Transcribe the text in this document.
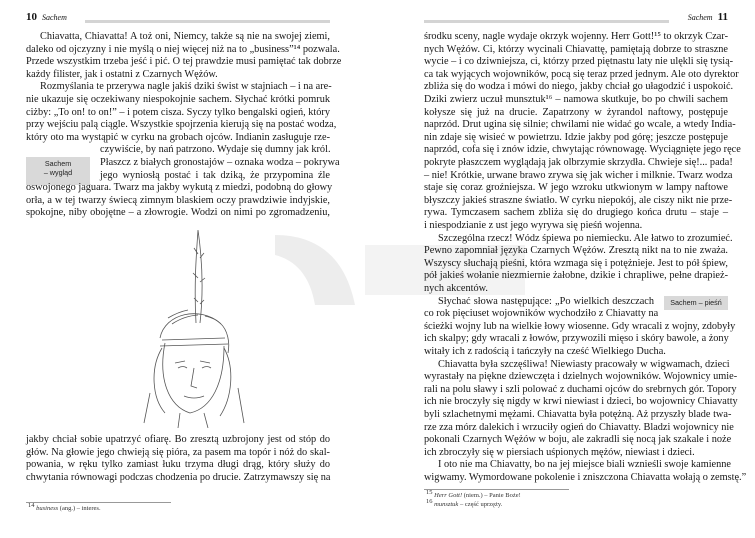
10 Sachem
Chiavatta, Chiavatta! A toż oni, Niemcy, także są nie na swojej ziemi,
daleko od ojczyzny i nie myślą o niej więcej niż na to „business”¹⁴ pozwala.
Przede wszystkim trzeba jeść i pić. O tej prawdzie musi pamiętać tak dobrze
każdy filister, jak i ostatni z Czarnych Wężów.
Rozmyślania te przerywa nagle jakiś dziki świst w stajniach – i na are-
nie ukazuje się oczekiwany niespokojnie sachem. Słychać krótki pomruk
ciżby: „To on! to on!” – i potem cisza. Syczy tylko bengalski ogień, który
przy wejściu palą ciągle. Wszystkie spojrzenia kierują się na postać wodza,
który oto ma wystąpić w cyrku na grobach ojców. Indianin zasługuje rze-
Sachem
– wygląd
czywiście, by nań patrzono. Wydaje się dumny jak król.
Płaszcz z białych gronostajów – oznaka wodza – pokrywa
jego wyniosłą postać i tak dziką, że przypomina źle
oswojonego jaguara. Twarz ma jakby wykutą z miedzi, podobną do głowy
orła, a w tej twarzy świecą zimnym blaskiem oczy prawdziwie indyjskie,
spokojne, niby obojętne – a złowrogie. Wodzi on nimi po zgromadzeniu,
jakby chciał sobie upatrzyć ofiarę. Bo zresztą uzbrojony jest od stóp do
głów. Na głowie jego chwieją się pióra, za pasem ma topór i nóż do skal-
powania, w ręku tylko zamiast łuku trzyma długi drąg, który służy do
chwytania równowagi podczas chodzenia po drucie. Zatrzymawszy się na
$^{14}$ business (ang.) – interes.
Sachem 11
środku sceny, nagle wydaje okrzyk wojenny. Herr Gott!¹⁵ to okrzyk Czar-
nych Wężów. Ci, którzy wycinali Chiavattę, pamiętają dobrze to straszne
wycie – i co dziwniejsza, ci, którzy przed piętnastu laty nie ulękli się tysią-
ca tak wyjących wojowników, pocą się teraz przed jednym. Ale oto dyrektor
zbliża się do wodza i mówi do niego, jakby chciał go ułagodzić i uspokoić.
Dziki zwierz uczuł munsztuk¹⁶ – namowa skutkuje, bo po chwili sachem
kołysze się już na drucie. Zapatrzony w żyrandol naftowy, postępuje
naprzód. Drut ugina się silnie; chwilami nie widać go wcale, a wtedy India-
nin zdaje się wisieć w powietrzu. Idzie jakby pod górę; jeszcze postępuje
naprzód, cofa się i znów idzie, chwytając równowagę. Wyciągnięte jego ręce
pokryte płaszczem wyglądają jak olbrzymie skrzydła. Chwieje się!... pada!
– nie! Krótkie, urwane brawo zrywa się jak wicher i milknie. Twarz wodza
staje się coraz groźniejsza. W jego wzroku utkwionym w lampy naftowe
błyszczy jakieś straszne światło. W cyrku niepokój, ale ciszy nikt nie prze-
rywa. Tymczasem sachem zbliża się do drugiego końca drutu – staje –
i niespodzianie z ust jego wyrywa się pieśń wojenna.
Szczególna rzecz! Wódz śpiewa po niemiecku. Ale łatwo to zrozumieć.
Pewno zapomniał języka Czarnych Wężów. Zresztą nikt na to nie zważa.
Wszyscy słuchają pieśni, która wzmaga się i potężnieje. Jest to pół śpiew,
pół jakieś wołanie niezmiernie żałobne, dzikie i chrapliwe, pełne drapież-
nych akcentów.
Sachem – pieśń
Słychać słowa następujące: „Po wielkich deszczach
co rok pięciuset wojowników wychodziło z Chiavatty na
ścieżki wojny lub na wielkie łowy wiosenne. Gdy wracali z wojny, zdobyły
ich skalpy; gdy wracali z łowów, przywozili mięso i skóry bawole, a żony
witały ich z radością i tańczyły na cześć Wielkiego Ducha.
Chiavatta była szczęśliwa! Niewiasty pracowały w wigwamach, dzieci
wyrastały na piękne dziewczęta i dzielnych wojowników. Wojownicy umie-
rali na polu sławy i szli polować z duchami ojców do srebrnych gór. Topory
ich nie broczyły się nigdy w krwi niewiast i dzieci, bo wojownicy Chiavatty
byli szlachetnymi mężami. Chiavatta była potężną. Aż przyszły blade twa-
rze zza mórz dalekich i wrzuciły ogień do Chiavatty. Bladzi wojownicy nie
pokonali Czarnych Wężów w boju, ale zakradli się nocą jak szakale i noże
ich zbroczyły się w piersiach uśpionych mężów, niewiast i dzieci.
I oto nie ma Chiavatty, bo na jej miejsce biali wznieśli swoje kamienne
wigwamy. Wymordowane pokolenie i zniszczona Chiavatta wołają o zemstę.”
$^{15}$ Herr Gott! (niem.) – Panie Boże!
$^{16}$ munsztuk – część uprzęży.
